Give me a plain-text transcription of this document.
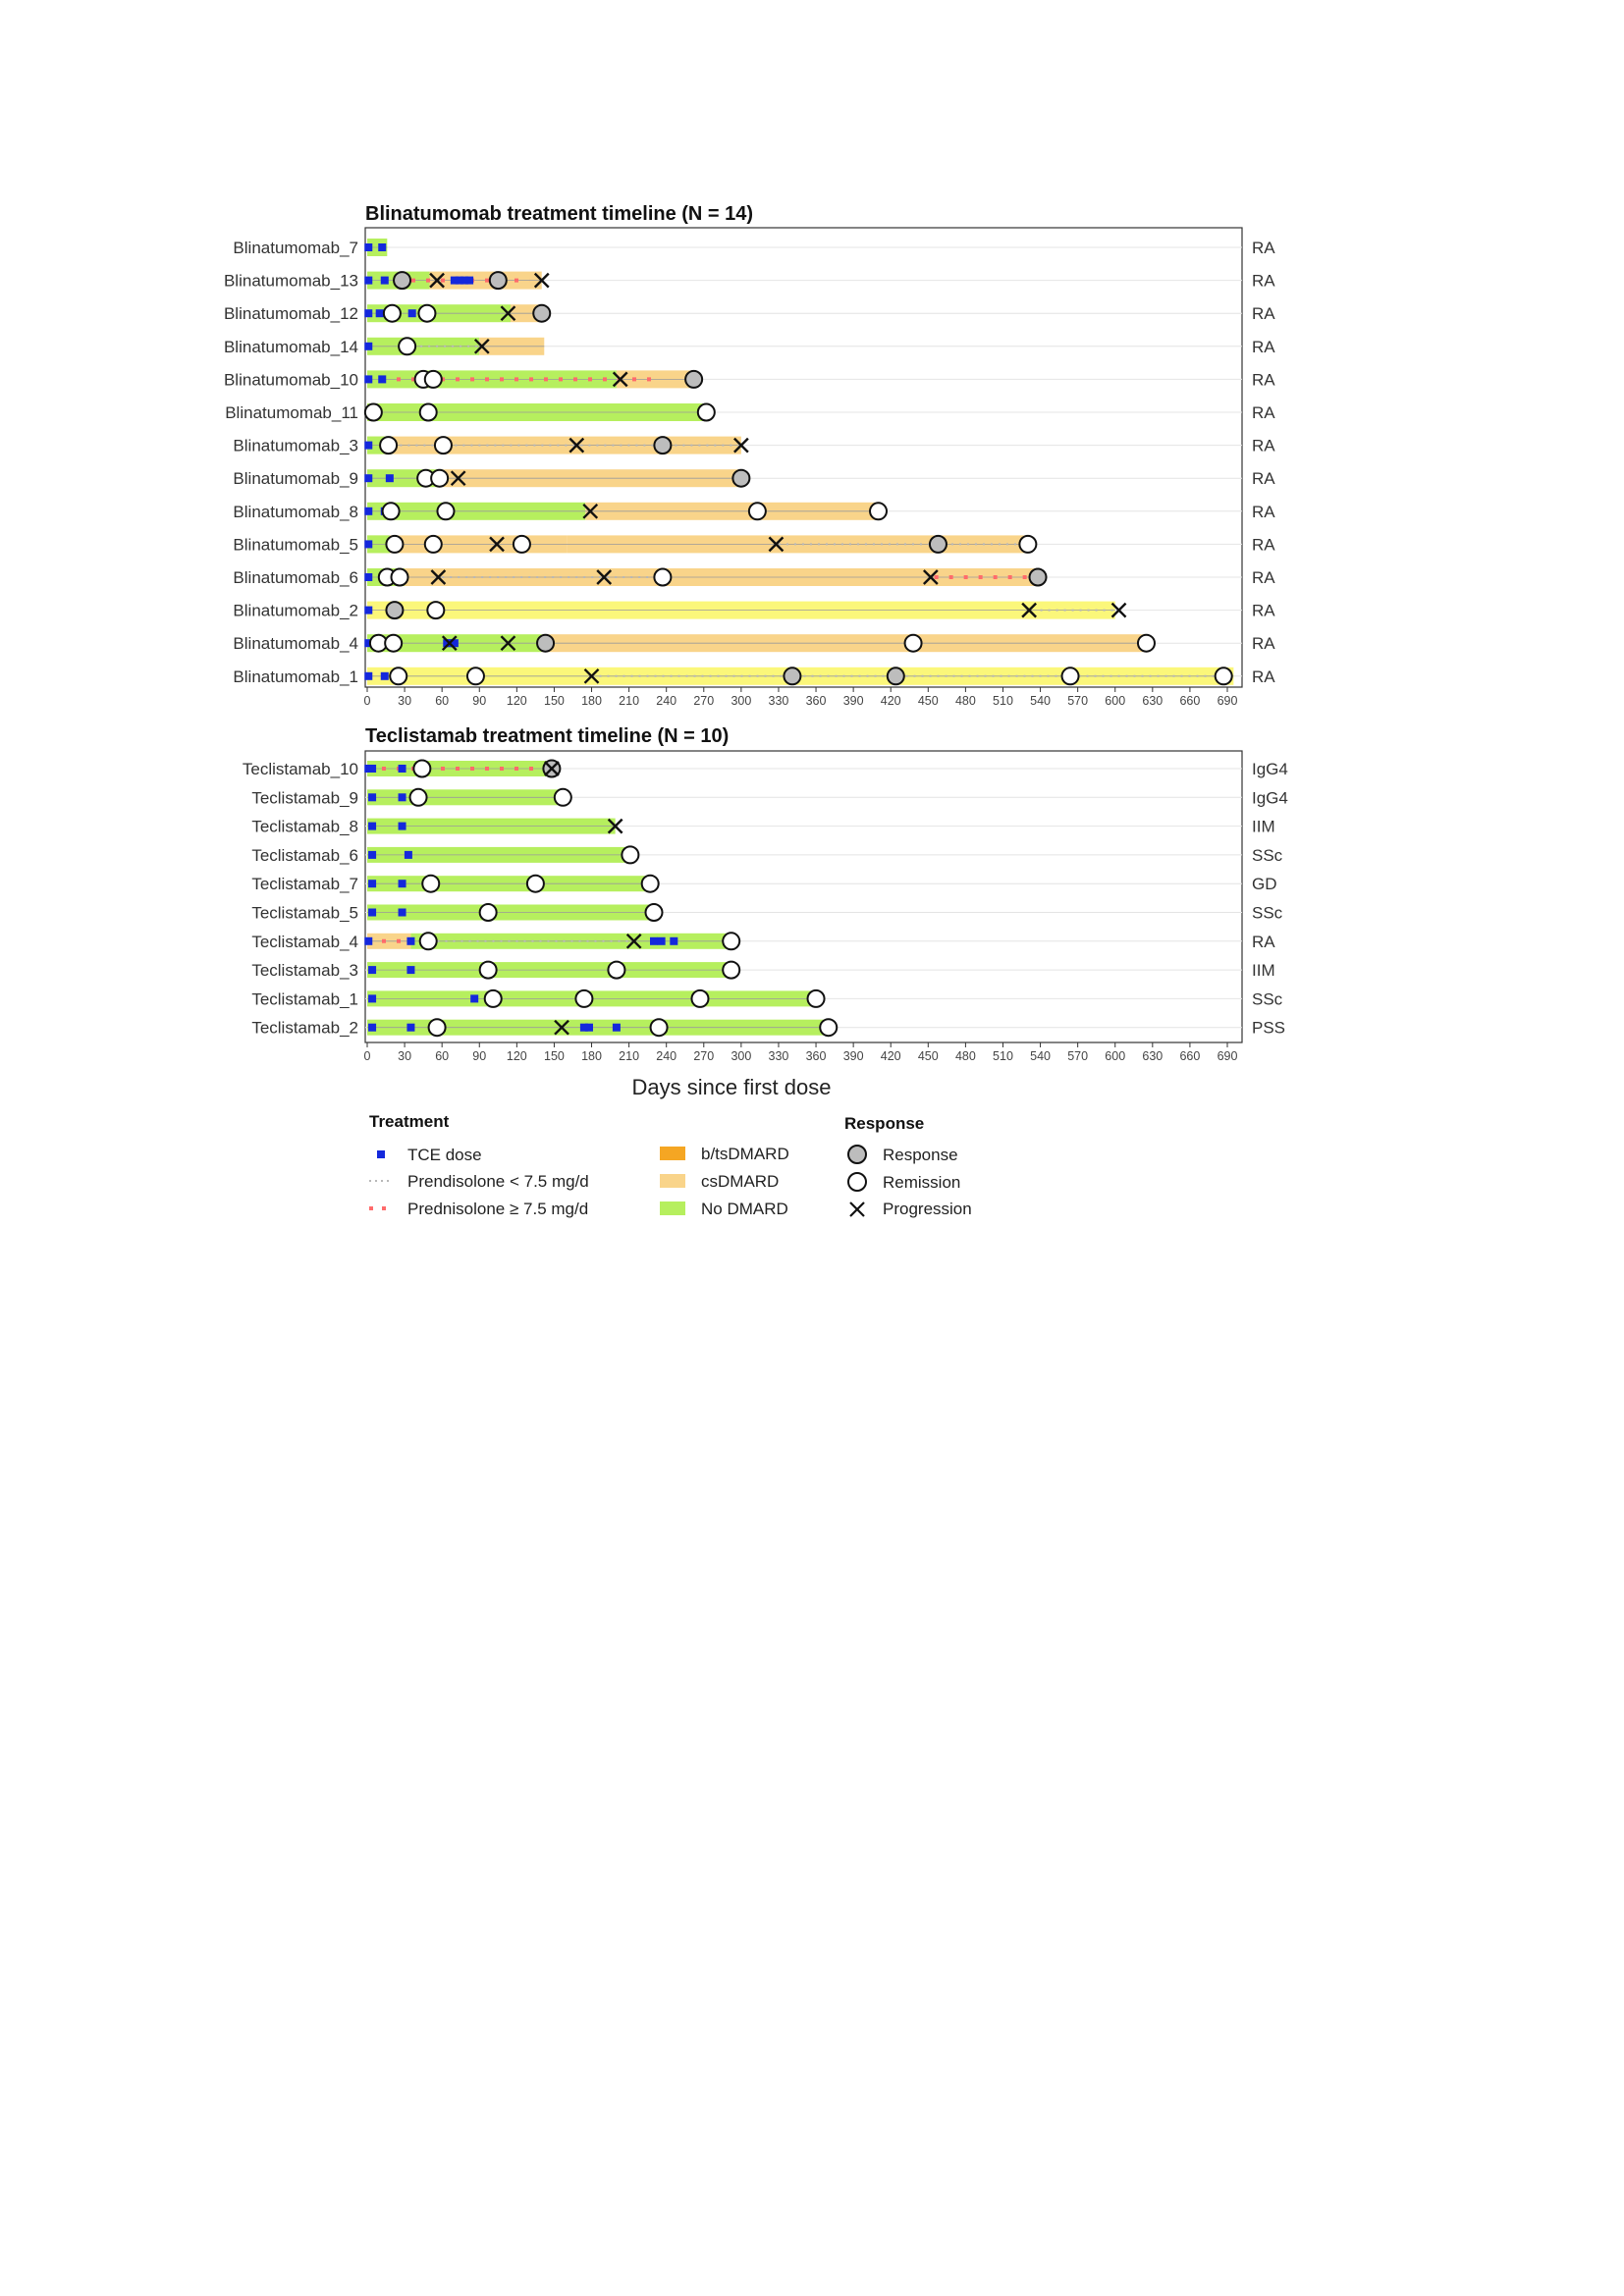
Blinatumomab treatment timeline (N = 14)
Blinatumomab_7	RA
Blinatumomab_13	RA
Blinatumomab_12	RA
Blinatumomab_14	RA
Blinatumomab_10	RA
Blinatumomab_11	RA
Blinatumomab_3	RA
Blinatumomab_9	RA
Blinatumomab_8	RA
Blinatumomab_5	RA
Blinatumomab_6	RA
Blinatumomab_2	RA
Blinatumomab_4	RA
Blinatumomab_1	RA
0 30 60 90 120 150 180 210 240 270 300 330 360 390 420 450 480 510 540 570 600 630 660 690
Teclistamab treatment timeline (N = 10)
Teclistamab_10	IgG4
Teclistamab_9	IgG4
Teclistamab_8	IIM
Teclistamab_6	SSc
Teclistamab_7	GD
Teclistamab_5	SSc
Teclistamab_4	RA
Teclistamab_3	IIM
Teclistamab_1	SSc
Teclistamab_2	PSS
0 30 60 90 120 150 180 210 240 270 300 330 360 390 420 450 480 510 540 570 600 630 660 690
Days since first dose
Treatment	Response
TCE dose
Prendisolone < 7.5 mg/d
Prednisolone ≥ 7.5 mg/d
b/tsDMARD
csDMARD
No DMARD
Response
Remission
Progression
